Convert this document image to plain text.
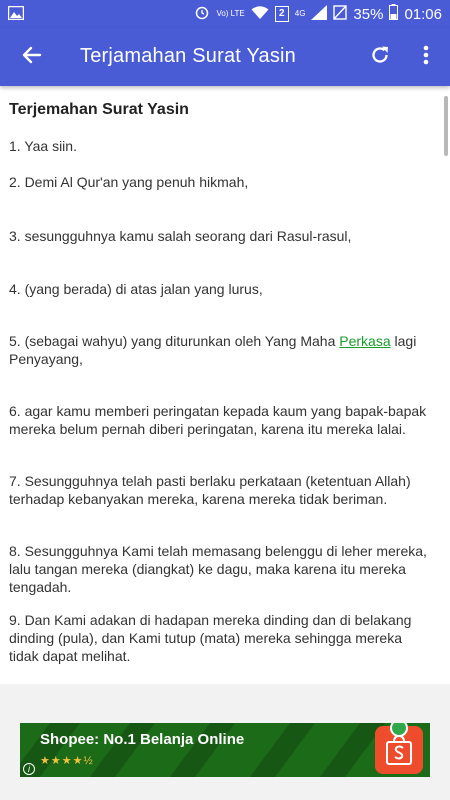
Vo) LTE	2	4G	35% 01:06
Terjamahan Surat Yasin
Terjemahan Surat Yasin
1. Yaa siin.
2. Demi Al Qur'an yang penuh hikmah,
3. sesungguhnya kamu salah seorang dari Rasul-rasul,
4. (yang berada) di atas jalan yang lurus,
5. (sebagai wahyu) yang diturunkan oleh Yang Maha Perkasa lagi Penyayang,
6. agar kamu memberi peringatan kepada kaum yang bapak-bapak mereka belum pernah diberi peringatan, karena itu mereka lalai.
7. Sesungguhnya telah pasti berlaku perkataan (ketentuan Allah) terhadap kebanyakan mereka, karena mereka tidak beriman.
8. Sesungguhnya Kami telah memasang belenggu di leher mereka, lalu tangan mereka (diangkat) ke dagu, maka karena itu mereka tengadah.
9. Dan Kami adakan di hadapan mereka dinding dan di belakang dinding (pula), dan Kami tutup (mata) mereka sehingga mereka tidak dapat melihat.
Shopee: No.1 Belanja Online
★★★★½
i
